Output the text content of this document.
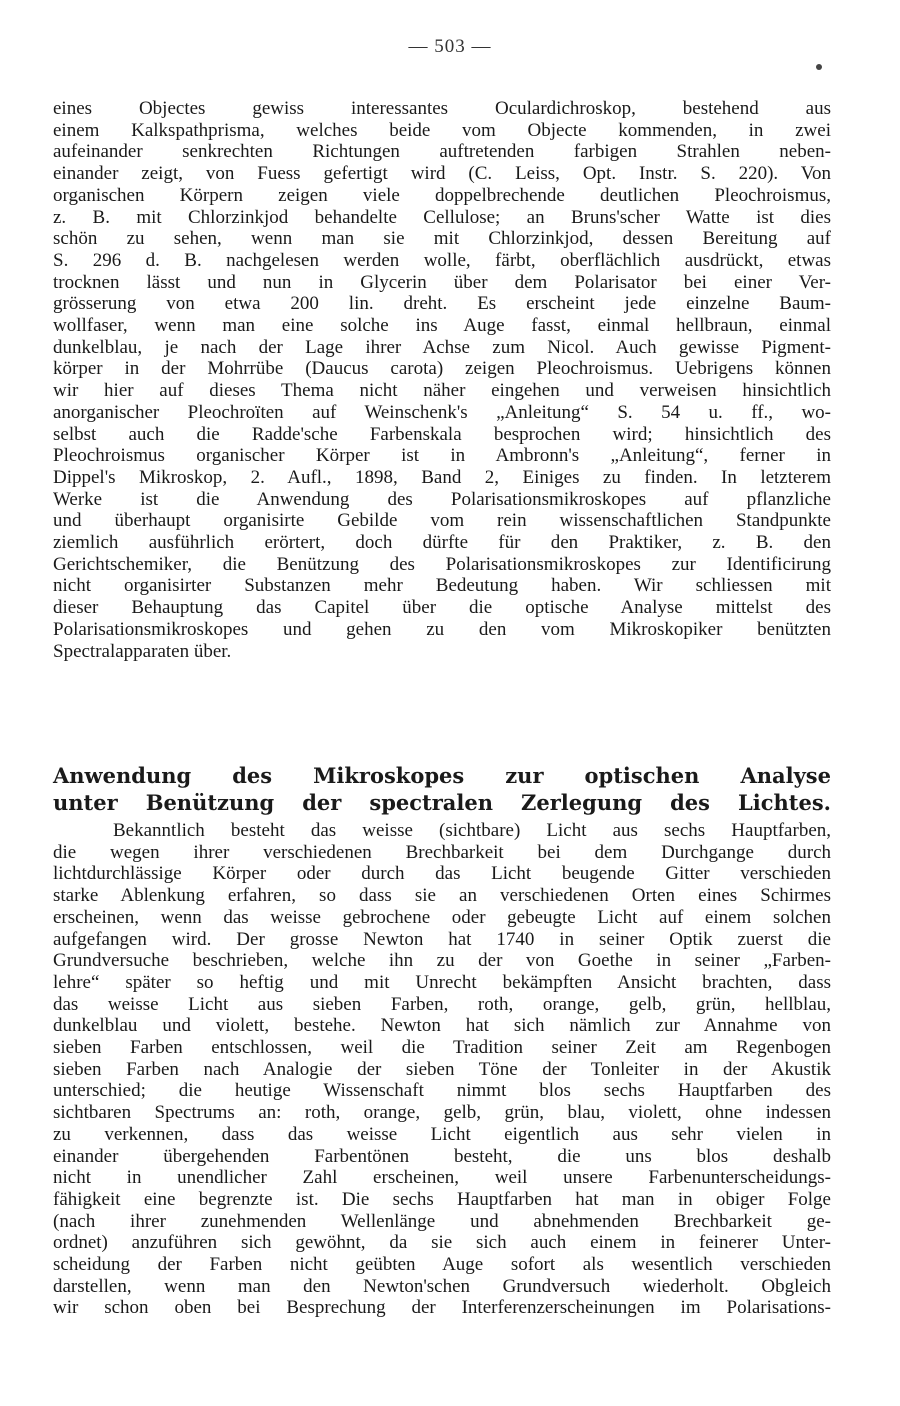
— 503 —
eines Objectes gewiss interessantes Oculardichroskop, bestehend aus
einem Kalkspathprisma, welches beide vom Objecte kommenden, in zwei
aufeinander senkrechten Richtungen auftretenden farbigen Strahlen neben-
einander zeigt, von Fuess gefertigt wird (C. Leiss, Opt. Instr. S. 220). Von
organischen Körpern zeigen viele doppelbrechende deutlichen Pleochroismus,
z. B. mit Chlorzinkjod behandelte Cellulose; an Bruns'scher Watte ist dies
schön zu sehen, wenn man sie mit Chlorzinkjod, dessen Bereitung auf
S. 296 d. B. nachgelesen werden wolle, färbt, oberflächlich ausdrückt, etwas
trocknen lässt und nun in Glycerin über dem Polarisator bei einer Ver-
grösserung von etwa 200 lin. dreht. Es erscheint jede einzelne Baum-
wollfaser, wenn man eine solche ins Auge fasst, einmal hellbraun, einmal
dunkelblau, je nach der Lage ihrer Achse zum Nicol. Auch gewisse Pigment-
körper in der Mohrrübe (Daucus carota) zeigen Pleochroismus. Uebrigens können
wir hier auf dieses Thema nicht näher eingehen und verweisen hinsichtlich
anorganischer Pleochroïten auf Weinschenk's „Anleitung“ S. 54 u. ff., wo-
selbst auch die Radde'sche Farbenskala besprochen wird; hinsichtlich des
Pleochroismus organischer Körper ist in Ambronn's „Anleitung“, ferner in
Dippel's Mikroskop, 2. Aufl., 1898, Band 2, Einiges zu finden. In letzterem
Werke ist die Anwendung des Polarisationsmikroskopes auf pflanzliche
und überhaupt organisirte Gebilde vom rein wissenschaftlichen Standpunkte
ziemlich ausführlich erörtert, doch dürfte für den Praktiker, z. B. den
Gerichtschemiker, die Benützung des Polarisationsmikroskopes zur Identificirung
nicht organisirter Substanzen mehr Bedeutung haben. Wir schliessen mit
dieser Behauptung das Capitel über die optische Analyse mittelst des
Polarisationsmikroskopes und gehen zu den vom Mikroskopiker benützten
Spectralapparaten über.
Anwendung des Mikroskopes zur optischen Analyse
unter Benützung der spectralen Zerlegung des Lichtes.
Bekanntlich besteht das weisse (sichtbare) Licht aus sechs Hauptfarben,
die wegen ihrer verschiedenen Brechbarkeit bei dem Durchgange durch
lichtdurchlässige Körper oder durch das Licht beugende Gitter verschieden
starke Ablenkung erfahren, so dass sie an verschiedenen Orten eines Schirmes
erscheinen, wenn das weisse gebrochene oder gebeugte Licht auf einem solchen
aufgefangen wird. Der grosse Newton hat 1740 in seiner Optik zuerst die
Grundversuche beschrieben, welche ihn zu der von Goethe in seiner „Farben-
lehre“ später so heftig und mit Unrecht bekämpften Ansicht brachten, dass
das weisse Licht aus sieben Farben, roth, orange, gelb, grün, hellblau,
dunkelblau und violett, bestehe. Newton hat sich nämlich zur Annahme von
sieben Farben entschlossen, weil die Tradition seiner Zeit am Regenbogen
sieben Farben nach Analogie der sieben Töne der Tonleiter in der Akustik
unterschied; die heutige Wissenschaft nimmt blos sechs Hauptfarben des
sichtbaren Spectrums an: roth, orange, gelb, grün, blau, violett, ohne indessen
zu verkennen, dass das weisse Licht eigentlich aus sehr vielen in
einander übergehenden Farbentönen besteht, die uns blos deshalb
nicht in unendlicher Zahl erscheinen, weil unsere Farbenunterscheidungs-
fähigkeit eine begrenzte ist. Die sechs Hauptfarben hat man in obiger Folge
(nach ihrer zunehmenden Wellenlänge und abnehmenden Brechbarkeit ge-
ordnet) anzuführen sich gewöhnt, da sie sich auch einem in feinerer Unter-
scheidung der Farben nicht geübten Auge sofort als wesentlich verschieden
darstellen, wenn man den Newton'schen Grundversuch wiederholt. Obgleich
wir schon oben bei Besprechung der Interferenzerscheinungen im Polarisations-
